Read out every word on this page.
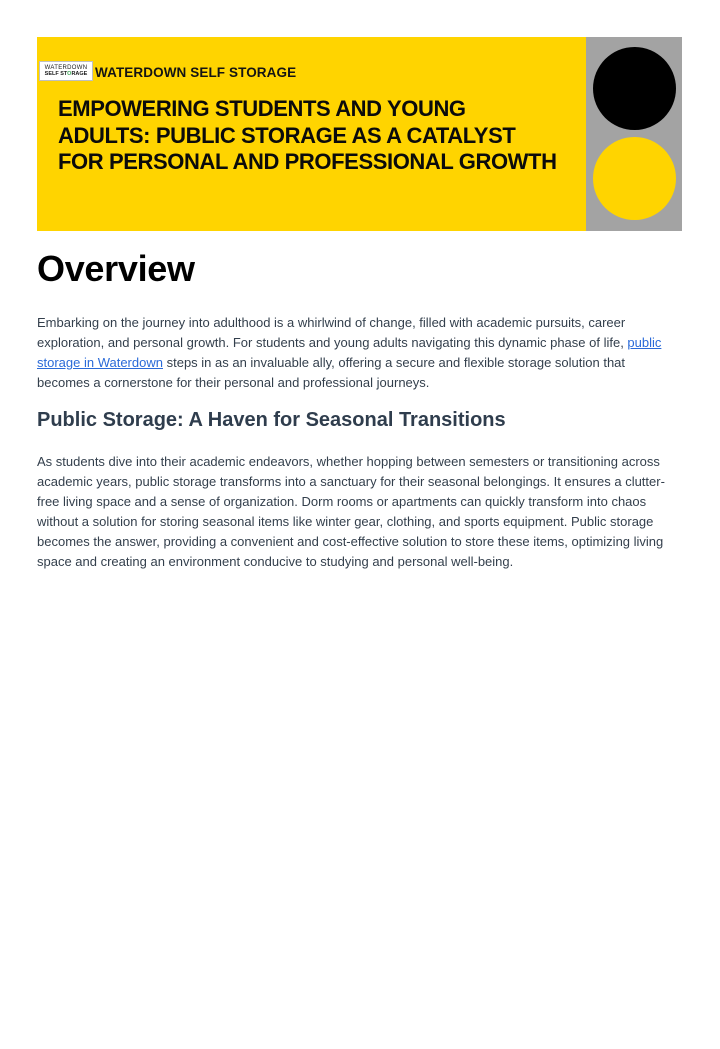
WATERDOWN
SELF STORAGE WATERDOWN SELF STORAGE
EMPOWERING STUDENTS AND YOUNG ADULTS: PUBLIC STORAGE AS A CATALYST FOR PERSONAL AND PROFESSIONAL GROWTH
Overview

Embarking on the journey into adulthood is a whirlwind of change, filled with academic pursuits, career exploration, and personal growth. For students and young adults navigating this dynamic phase of life, public storage in Waterdown steps in as an invaluable ally, offering a secure and flexible storage solution that becomes a cornerstone for their personal and professional journeys.

Public Storage: A Haven for Seasonal Transitions

As students dive into their academic endeavors, whether hopping between semesters or transitioning across academic years, public storage transforms into a sanctuary for their seasonal belongings. It ensures a clutter-free living space and a sense of organization. Dorm rooms or apartments can quickly transform into chaos without a solution for storing seasonal items like winter gear, clothing, and sports equipment. Public storage becomes the answer, providing a convenient and cost-effective solution to store these items, optimizing living space and creating an environment conducive to studying and personal well-being.
